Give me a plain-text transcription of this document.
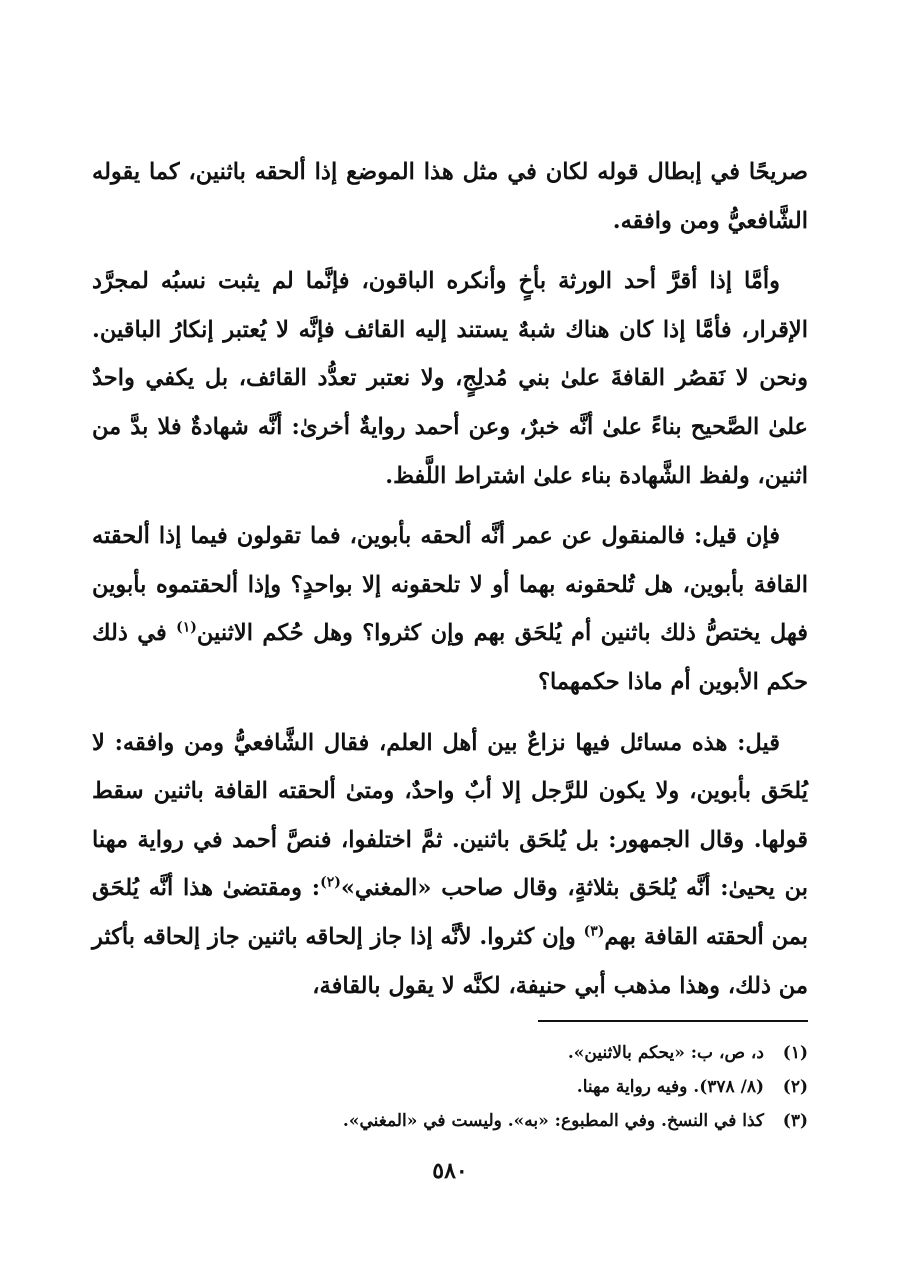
صريحًا في إبطال قوله لكان في مثل هذا الموضع إذا ألحقه باثنين، كما يقوله الشَّافعيُّ ومن وافقه.

وأمَّا إذا أقرَّ أحد الورثة بأخٍ وأنكره الباقون، فإنَّما لم يثبت نسبُه لمجرَّد الإقرار، فأمَّا إذا كان هناك شبهٌ يستند إليه القائف فإنَّه لا يُعتبر إنكارُ الباقين. ونحن لا نَقصُر القافةَ علىٰ بني مُدلِجٍ، ولا نعتبر تعدُّد القائف، بل يكفي واحدٌ علىٰ الصَّحيح بناءً علىٰ أنَّه خبرٌ، وعن أحمد روايةٌ أخرىٰ: أنَّه شهادةٌ فلا بدَّ من اثنين، ولفظ الشَّهادة بناء علىٰ اشتراط اللَّفظ.

فإن قيل: فالمنقول عن عمر أنَّه ألحقه بأبوين، فما تقولون فيما إذا ألحقته القافة بأبوين، هل تُلحقونه بهما أو لا تلحقونه إلا بواحدٍ؟ وإذا ألحقتموه بأبوين فهل يختصُّ ذلك باثنين أم يُلحَق بهم وإن كثروا؟ وهل حُكم الاثنين$^{(١)}$ في ذلك حكم الأبوين أم ماذا حكمهما؟

قيل: هذه مسائل فيها نزاعٌ بين أهل العلم، فقال الشَّافعيُّ ومن وافقه: لا يُلحَق بأبوين، ولا يكون للرَّجل إلا أبٌ واحدٌ، ومتىٰ ألحقته القافة باثنين سقط قولها. وقال الجمهور: بل يُلحَق باثنين. ثمَّ اختلفوا، فنصَّ أحمد في رواية مهنا بن يحيىٰ: أنَّه يُلحَق بثلاثةٍ، وقال صاحب «المغني»$^{(٢)}$: ومقتضىٰ هذا أنَّه يُلحَق بمن ألحقته القافة بهم$^{(٣)}$ وإن كثروا. لأنَّه إذا جاز إلحاقه باثنين جاز إلحاقه بأكثر من ذلك، وهذا مذهب أبي حنيفة، لكنَّه لا يقول بالقافة،

(١)د، ص، ب: «يحكم بالاثنين».
(٢)(٨/ ٣٧٨). وفيه رواية مهنا.
(٣)كذا في النسخ. وفي المطبوع: «به». وليست في «المغني».
٥٨٠
